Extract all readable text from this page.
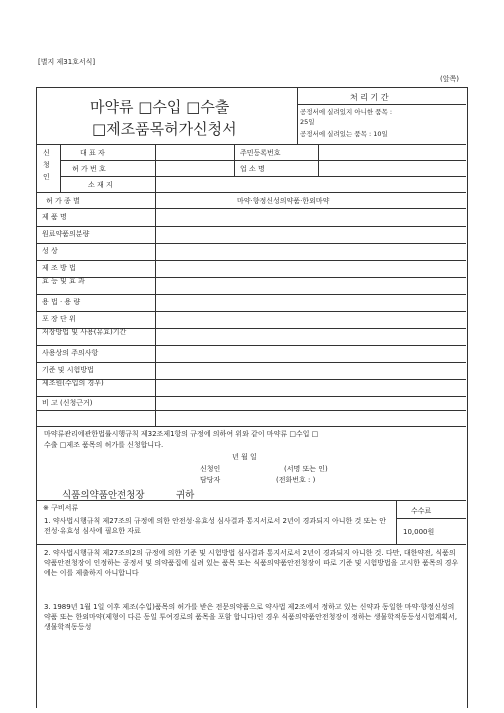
[별지 제31호서식]
(앞쪽)
마약류 □수입 □수출
□제조품목허가신청서
처 리 기 간
공정서에 실려있지 아니한 품목 :
25일
공정서에 실려있는 품목 : 10일
신
청
인
대 표 자	주민등록번호
허 가 번 호	업 소 명
소 재 지
허 가 종 별	마약·향정신성의약품·한외마약
제 품 명
원료약품의분량
성 상
제 조 방 법
효 능 및 효 과
용 법 · 용 량
포 장 단 위
저장방법 및 사용(유효)기간
사용상의 주의사항
기준 및 시험방법
제조원(수입의 경우)
비 고 (신청근거)
마약류관리에관한법률시행규칙 제32조제1항의 규정에 의하여 위와 같이 마약류 □수입 □
수출 □제조 품목의 허가를 신청합니다.
년 월 일
신청인	(서명 또는 인)
담당자	(전화번호 : )
식품의약품안전청장	귀하
※ 구비서류	수수료
10,000원
1. 약사법시행규칙 제27조의 규정에 의한 안전성·유효성 심사결과 통지서로서 2년이 경과되지 아니한 것 또는 안전성·유효성 심사에 필요한 자료
2. 약사법시행규칙 제27조의2의 규정에 의한 기준 및 시험방법 심사결과 통지서로서 2년이 경과되지 아니한 것. 다만, 대한약전, 식품의약품안전청장이 인정하는 공정서 및 의약품집에 실려 있는 품목 또는 식품의약품안전청장이 따로 기준 및 시험방법을 고시한 품목의 경우에는 이를 제출하지 아니합니다
3. 1989년 1월 1일 이후 제조(수입)품목의 허가를 받은 전문의약품으로 약사법 제2조에서 정하고 있는 신약과 동일한 마약·향정신성의약품 또는 한외마약(제형이 다른 동일 투여경로의 품목을 포함 합니다)인 경우 식품의약품안전청장이 정하는 생물학적동등성시험계획서, 생물학적동등성
